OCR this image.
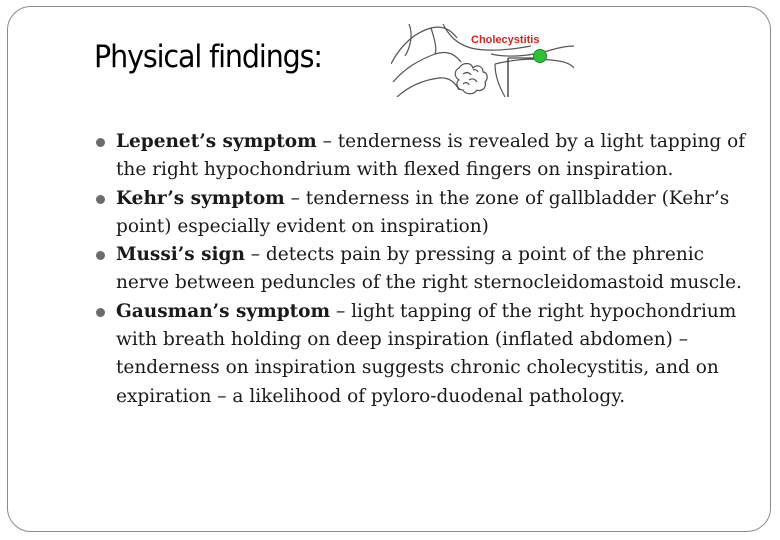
Physical findings:	Cholecystitis
Lepenet’s symptom – tenderness is revealed by a light tapping of the right hypochondrium with flexed fingers on inspiration.
Kehr’s symptom – tenderness in the zone of gallbladder (Kehr’s point) especially evident on inspiration)
Mussi’s sign – detects pain by pressing a point of the phrenic nerve between peduncles of the right sternocleidomastoid muscle.
Gausman’s symptom – light tapping of the right hypochondrium with breath holding on deep inspiration (inflated abdomen) – tenderness on inspiration suggests chronic cholecystitis, and on expiration – a likelihood of pyloro-duodenal pathology.
